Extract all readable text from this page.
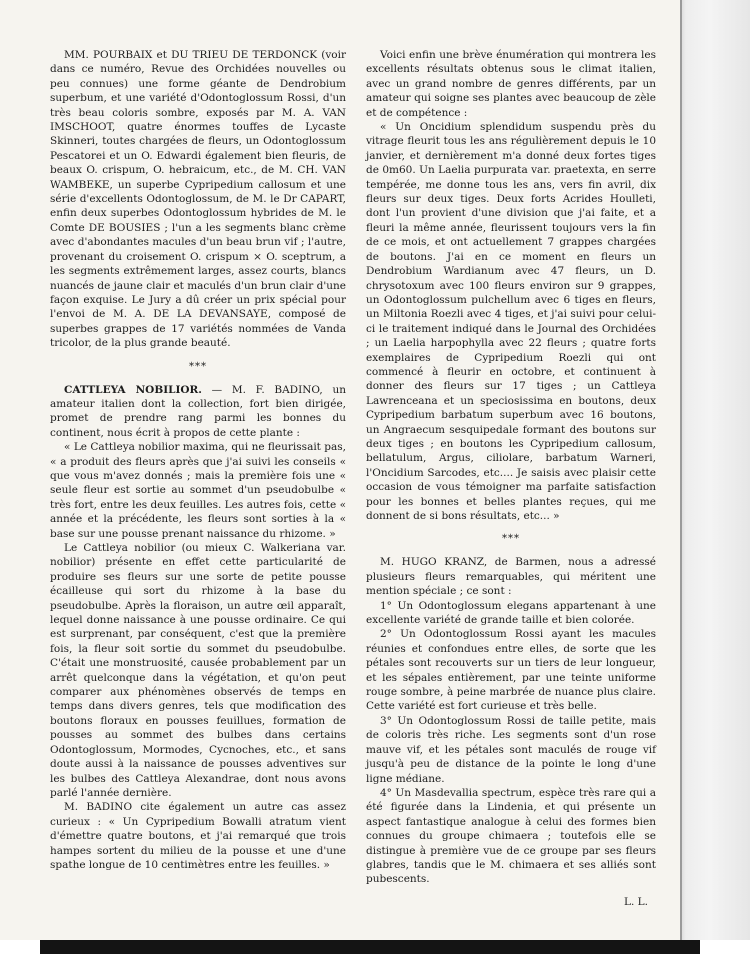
MM. POURBAIX et DU TRIEU DE TERDONCK (voir dans ce numéro, Revue des Orchidées nouvelles ou peu connues) une forme géante de Dendrobium superbum, et une variété d'Odontoglossum Rossi, d'un très beau coloris sombre, exposés par M. A. VAN IMSCHOOT, quatre énormes touffes de Lycaste Skinneri, toutes chargées de fleurs, un Odontoglossum Pescatorei et un O. Edwardi également bien fleuris, de beaux O. crispum, O. hebraicum, etc., de M. CH. VAN WAMBEKE, un superbe Cypripedium callosum et une série d'excellents Odontoglossum, de M. le Dr CAPART, enfin deux superbes Odontoglossum hybrides de M. le Comte DE BOUSIES ; l'un a les segments blanc crème avec d'abondantes macules d'un beau brun vif ; l'autre, provenant du croisement O. crispum × O. sceptrum, a les segments extrêmement larges, assez courts, blancs nuancés de jaune clair et maculés d'un brun clair d'une façon exquise. Le Jury a dû créer un prix spécial pour l'envoi de M. A. DE LA DEVANSAYE, composé de superbes grappes de 17 variétés nommées de Vanda tricolor, de la plus grande beauté.

⁎⁎⁎

CATTLEYA NOBILIOR. — M. F. BADINO, un amateur italien dont la collection, fort bien dirigée, promet de prendre rang parmi les bonnes du continent, nous écrit à propos de cette plante :

« Le Cattleya nobilior maxima, qui ne fleurissait pas, « a produit des fleurs après que j'ai suivi les conseils « que vous m'avez donnés ; mais la première fois une « seule fleur est sortie au sommet d'un pseudobulbe « très fort, entre les deux feuilles. Les autres fois, cette « année et la précédente, les fleurs sont sorties à la « base sur une pousse prenant naissance du rhizome. »

Le Cattleya nobilior (ou mieux C. Walkeriana var. nobilior) présente en effet cette particularité de produire ses fleurs sur une sorte de petite pousse écailleuse qui sort du rhizome à la base du pseudobulbe. Après la floraison, un autre œil apparaît, lequel donne naissance à une pousse ordinaire. Ce qui est surprenant, par conséquent, c'est que la première fois, la fleur soit sortie du sommet du pseudobulbe. C'était une monstruosité, causée probablement par un arrêt quelconque dans la végétation, et qu'on peut comparer aux phénomènes observés de temps en temps dans divers genres, tels que modification des boutons floraux en pousses feuillues, formation de pousses au sommet des bulbes dans certains Odontoglossum, Mormodes, Cycnoches, etc., et sans doute aussi à la naissance de pousses adventives sur les bulbes des Cattleya Alexandrae, dont nous avons parlé l'année dernière.

M. BADINO cite également un autre cas assez curieux : « Un Cypripedium Bowalli atratum vient d'émettre quatre boutons, et j'ai remarqué que trois hampes sortent du milieu de la pousse et une d'une spathe longue de 10 centimètres entre les feuilles. »

Voici enfin une brève énumération qui montrera les excellents résultats obtenus sous le climat italien, avec un grand nombre de genres différents, par un amateur qui soigne ses plantes avec beaucoup de zèle et de compétence :

« Un Oncidium splendidum suspendu près du vitrage fleurit tous les ans régulièrement depuis le 10 janvier, et dernièrement m'a donné deux fortes tiges de 0m60. Un Laelia purpurata var. praetexta, en serre tempérée, me donne tous les ans, vers fin avril, dix fleurs sur deux tiges. Deux forts Acrides Houlleti, dont l'un provient d'une division que j'ai faite, et a fleuri la même année, fleurissent toujours vers la fin de ce mois, et ont actuellement 7 grappes chargées de boutons. J'ai en ce moment en fleurs un Dendrobium Wardianum avec 47 fleurs, un D. chrysotoxum avec 100 fleurs environ sur 9 grappes, un Odontoglossum pulchellum avec 6 tiges en fleurs, un Miltonia Roezli avec 4 tiges, et j'ai suivi pour celui-ci le traitement indiqué dans le Journal des Orchidées ; un Laelia harpophylla avec 22 fleurs ; quatre forts exemplaires de Cypripedium Roezli qui ont commencé à fleurir en octobre, et continuent à donner des fleurs sur 17 tiges ; un Cattleya Lawrenceana et un speciosissima en boutons, deux Cypripedium barbatum superbum avec 16 boutons, un Angraecum sesquipedale formant des boutons sur deux tiges ; en boutons les Cypripedium callosum, bellatulum, Argus, ciliolare, barbatum Warneri, l'Oncidium Sarcodes, etc.... Je saisis avec plaisir cette occasion de vous témoigner ma parfaite satisfaction pour les bonnes et belles plantes reçues, qui me donnent de si bons résultats, etc... »

⁎⁎⁎

M. HUGO KRANZ, de Barmen, nous a adressé plusieurs fleurs remarquables, qui méritent une mention spéciale ; ce sont :

1° Un Odontoglossum elegans appartenant à une excellente variété de grande taille et bien colorée.

2° Un Odontoglossum Rossi ayant les macules réunies et confondues entre elles, de sorte que les pétales sont recouverts sur un tiers de leur longueur, et les sépales entièrement, par une teinte uniforme rouge sombre, à peine marbrée de nuance plus claire. Cette variété est fort curieuse et très belle.

3° Un Odontoglossum Rossi de taille petite, mais de coloris très riche. Les segments sont d'un rose mauve vif, et les pétales sont maculés de rouge vif jusqu'à peu de distance de la pointe le long d'une ligne médiane.

4° Un Masdevallia spectrum, espèce très rare qui a été figurée dans la Lindenia, et qui présente un aspect fantastique analogue à celui des formes bien connues du groupe chimaera ; toutefois elle se distingue à première vue de ce groupe par ses fleurs glabres, tandis que le M. chimaera et ses alliés sont pubescents.

L. L.
